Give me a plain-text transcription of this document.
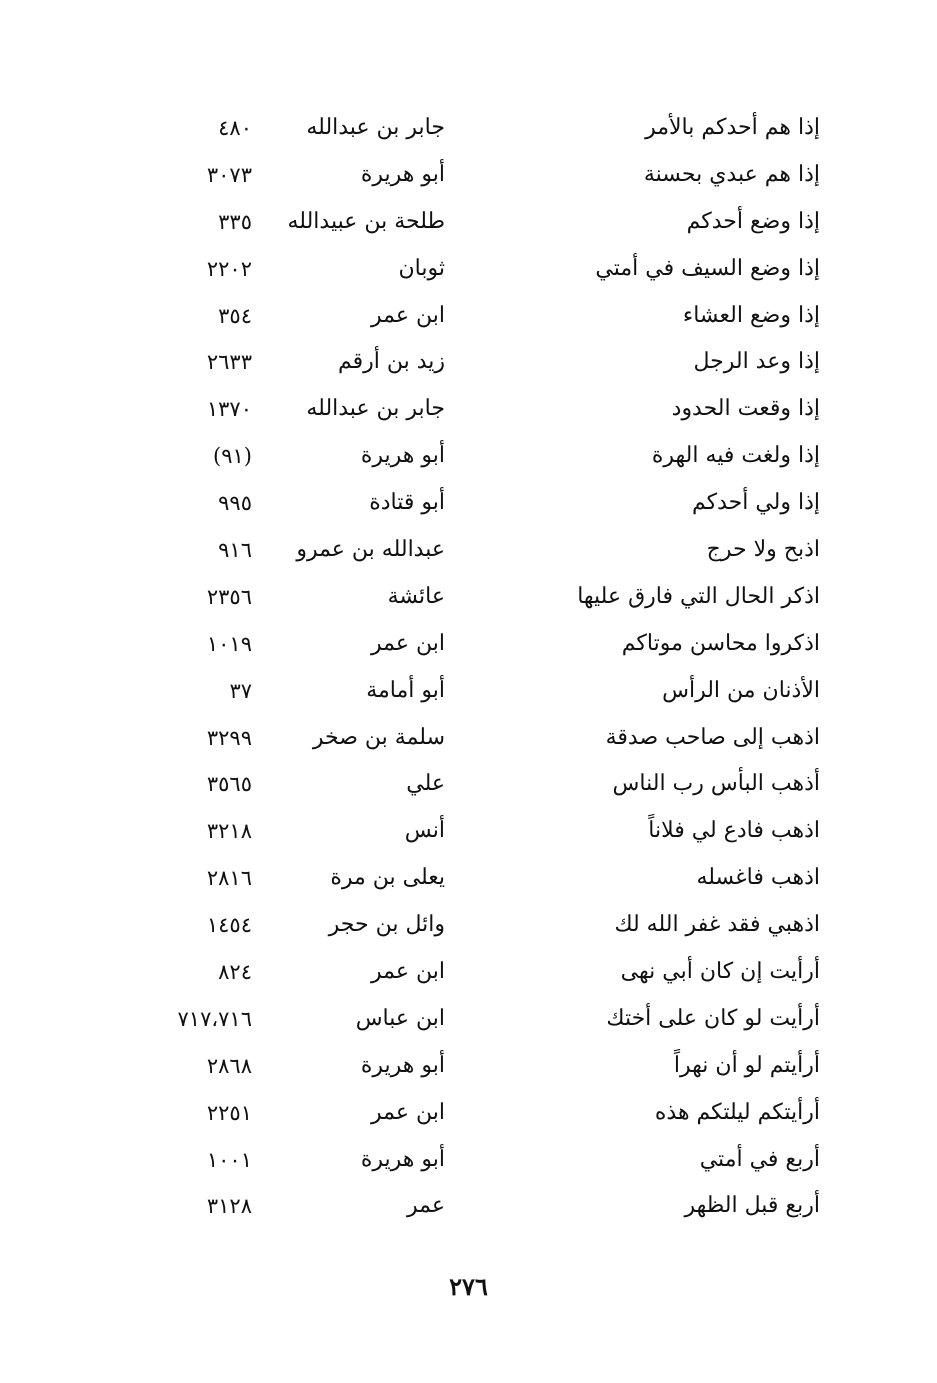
إذا هم أحدكم بالأمر
جابر بن عبدالله
٤٨٠
إذا هم عبدي بحسنة
أبو هريرة
٣٠٧٣
إذا وضع أحدكم
طلحة بن عبيدالله
٣٣٥
إذا وضع السيف في أمتي
ثوبان
٢٢٠٢
إذا وضع العشاء
ابن عمر
٣٥٤
إذا وعد الرجل
زيد بن أرقم
٢٦٣٣
إذا وقعت الحدود
جابر بن عبدالله
١٣٧٠
إذا ولغت فيه الهرة
أبو هريرة
(٩١)
إذا ولي أحدكم
أبو قتادة
٩٩٥
اذبح ولا حرج
عبدالله بن عمرو
٩١٦
اذكر الحال التي فارق عليها
عائشة
٢٣٥٦
اذكروا محاسن موتاكم
ابن عمر
١٠١٩
الأذنان من الرأس
أبو أمامة
٣٧
اذهب إلى صاحب صدقة
سلمة بن صخر
٣٢٩٩
أذهب البأس رب الناس
علي
٣٥٦٥
اذهب فادع لي فلاناً
أنس
٣٢١٨
اذهب فاغسله
يعلى بن مرة
٢٨١٦
اذهبي فقد غفر الله لك
وائل بن حجر
١٤٥٤
أرأيت إن كان أبي نهى
ابن عمر
٨٢٤
أرأيت لو كان على أختك
ابن عباس
٧١٧،٧١٦
أرأيتم لو أن نهراً
أبو هريرة
٢٨٦٨
أرأيتكم ليلتكم هذه
ابن عمر
٢٢٥١
أربع في أمتي
أبو هريرة
١٠٠١
أربع قبل الظهر
عمر
٣١٢٨
٢٧٦
